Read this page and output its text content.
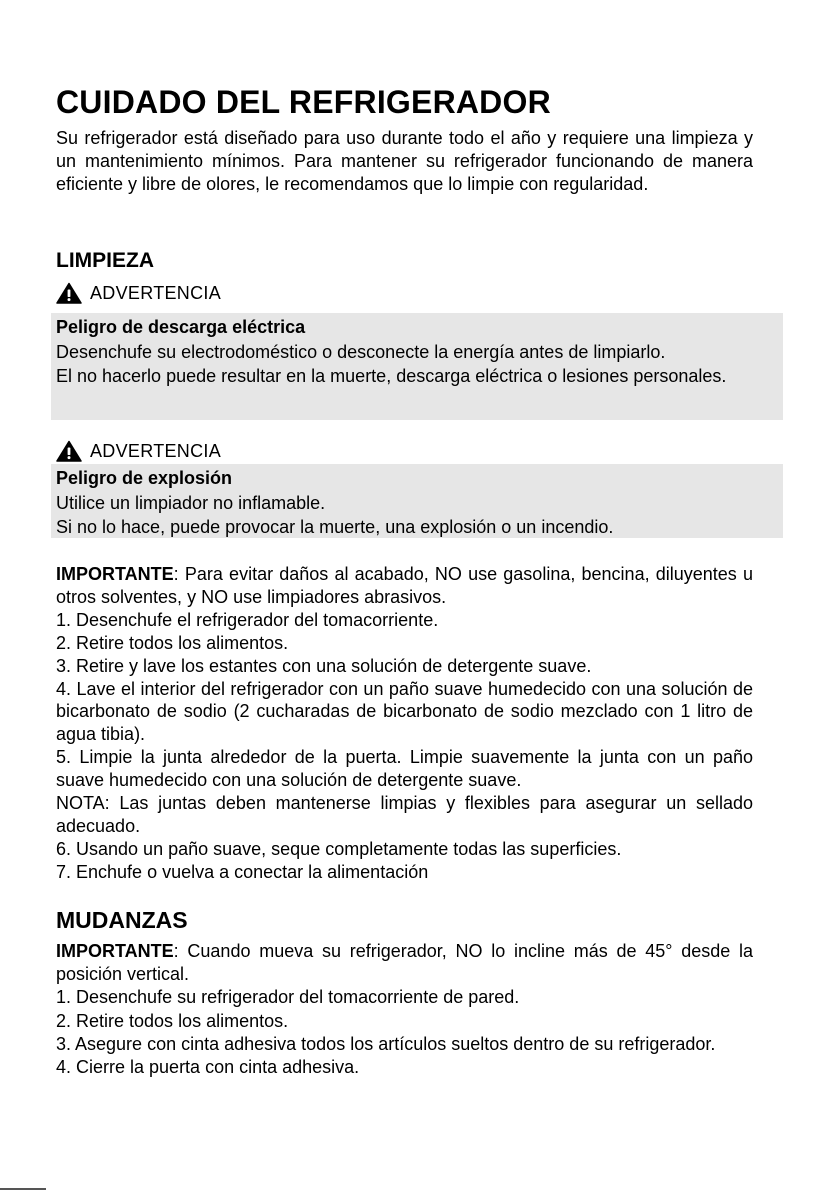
CUIDADO DEL REFRIGERADOR

Su refrigerador está diseñado para uso durante todo el año y requiere una limpieza y un mantenimiento mínimos. Para mantener su refrigerador funcionando de manera eficiente y libre de olores, le recomendamos que lo limpie con regularidad.

LIMPIEZA
ADVERTENCIA
ADVERTENCIA

IMPORTANTE: Para evitar daños al acabado, NO use gasolina, bencina, diluyentes u otros solventes, y NO use limpiadores abrasivos.

1. Desenchufe el refrigerador del tomacorriente.

2. Retire todos los alimentos.

3. Retire y lave los estantes con una solución de detergente suave.

4. Lave el interior del refrigerador con un paño suave humedecido con una solución de bicarbonato de sodio (2 cucharadas de bicarbonato de sodio mezclado con 1 litro de agua tibia).

5. Limpie la junta alrededor de la puerta. Limpie suavemente la junta con un paño suave humedecido con una solución de detergente suave.

NOTA: Las juntas deben mantenerse limpias y flexibles para asegurar un sellado adecuado.

6. Usando un paño suave, seque completamente todas las superficies.

7. Enchufe o vuelva a conectar la alimentación

MUDANZAS

IMPORTANTE: Cuando mueva su refrigerador, NO lo incline más de 45° desde la posición vertical.

1. Desenchufe su refrigerador del tomacorriente de pared.

2. Retire todos los alimentos.

3. Asegure con cinta adhesiva todos los artículos sueltos dentro de su refrigerador.

4. Cierre la puerta con cinta adhesiva.

Peligro de descarga eléctrica

Desenchufe su electrodoméstico o desconecte la energía antes de limpiarlo.

El no hacerlo puede resultar en la muerte, descarga eléctrica o lesiones personales.

Peligro de explosión

Utilice un limpiador no inflamable.

Si no lo hace, puede provocar la muerte, una explosión o un incendio.
